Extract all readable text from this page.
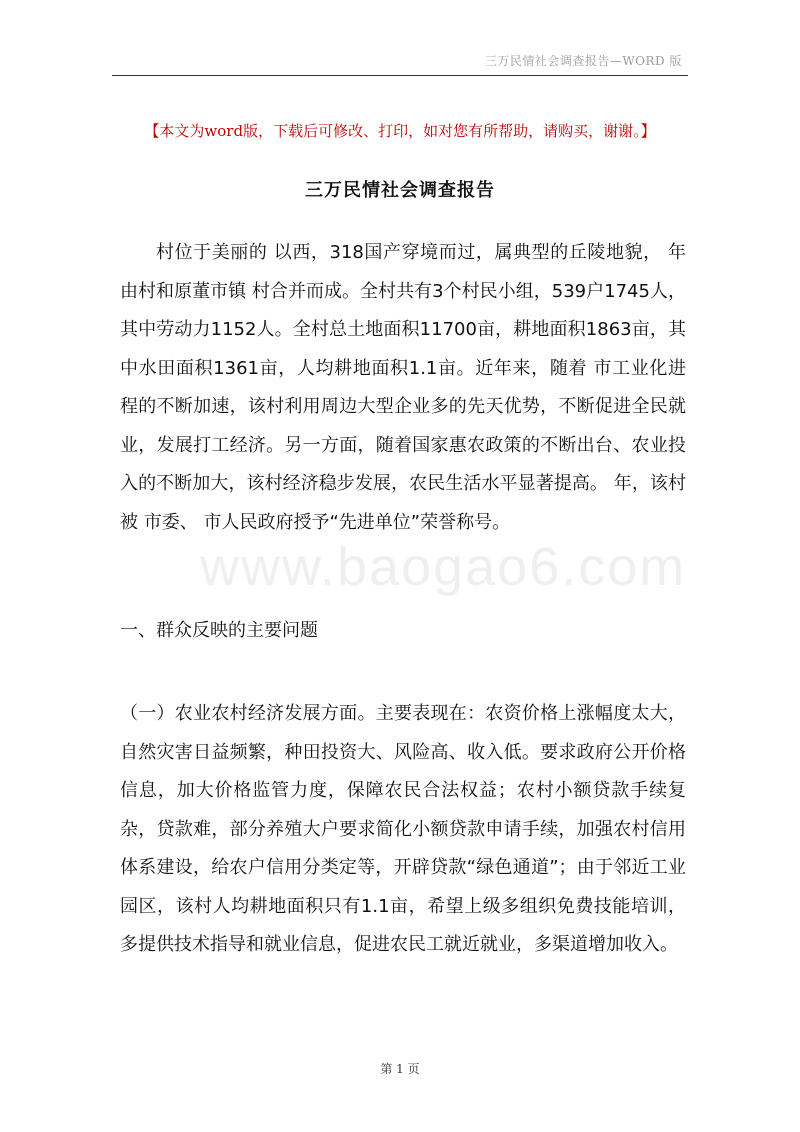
三万民情社会调查报告—WORD 版
【本文为word版，下载后可修改、打印，如对您有所帮助，请购买，谢谢。】
三万民情社会调查报告

村位于美丽的 以西，318国产穿境而过，属典型的丘陵地貌， 年由村和原董市镇 村合并而成。全村共有3个村民小组，539户1745人，其中劳动力1152人。全村总土地面积11700亩，耕地面积1863亩，其中水田面积1361亩，人均耕地面积1.1亩。近年来，随着 市工业化进程的不断加速，该村利用周边大型企业多的先天优势，不断促进全民就业，发展打工经济。另一方面，随着国家惠农政策的不断出台、农业投入的不断加大，该村经济稳步发展，农民生活水平显著提高。 年，该村被 市委、 市人民政府授予“先进单位”荣誉称号。

www.baogao6.com

一、群众反映的主要问题

（一）农业农村经济发展方面。主要表现在：农资价格上涨幅度太大，自然灾害日益频繁，种田投资大、风险高、收入低。要求政府公开价格信息，加大价格监管力度，保障农民合法权益；农村小额贷款手续复杂，贷款难，部分养殖大户要求简化小额贷款申请手续，加强农村信用体系建设，给农户信用分类定等，开辟贷款“绿色通道”；由于邻近工业园区，该村人均耕地面积只有1.1亩，希望上级多组织免费技能培训，多提供技术指导和就业信息，促进农民工就近就业，多渠道增加收入。

第 1 页
